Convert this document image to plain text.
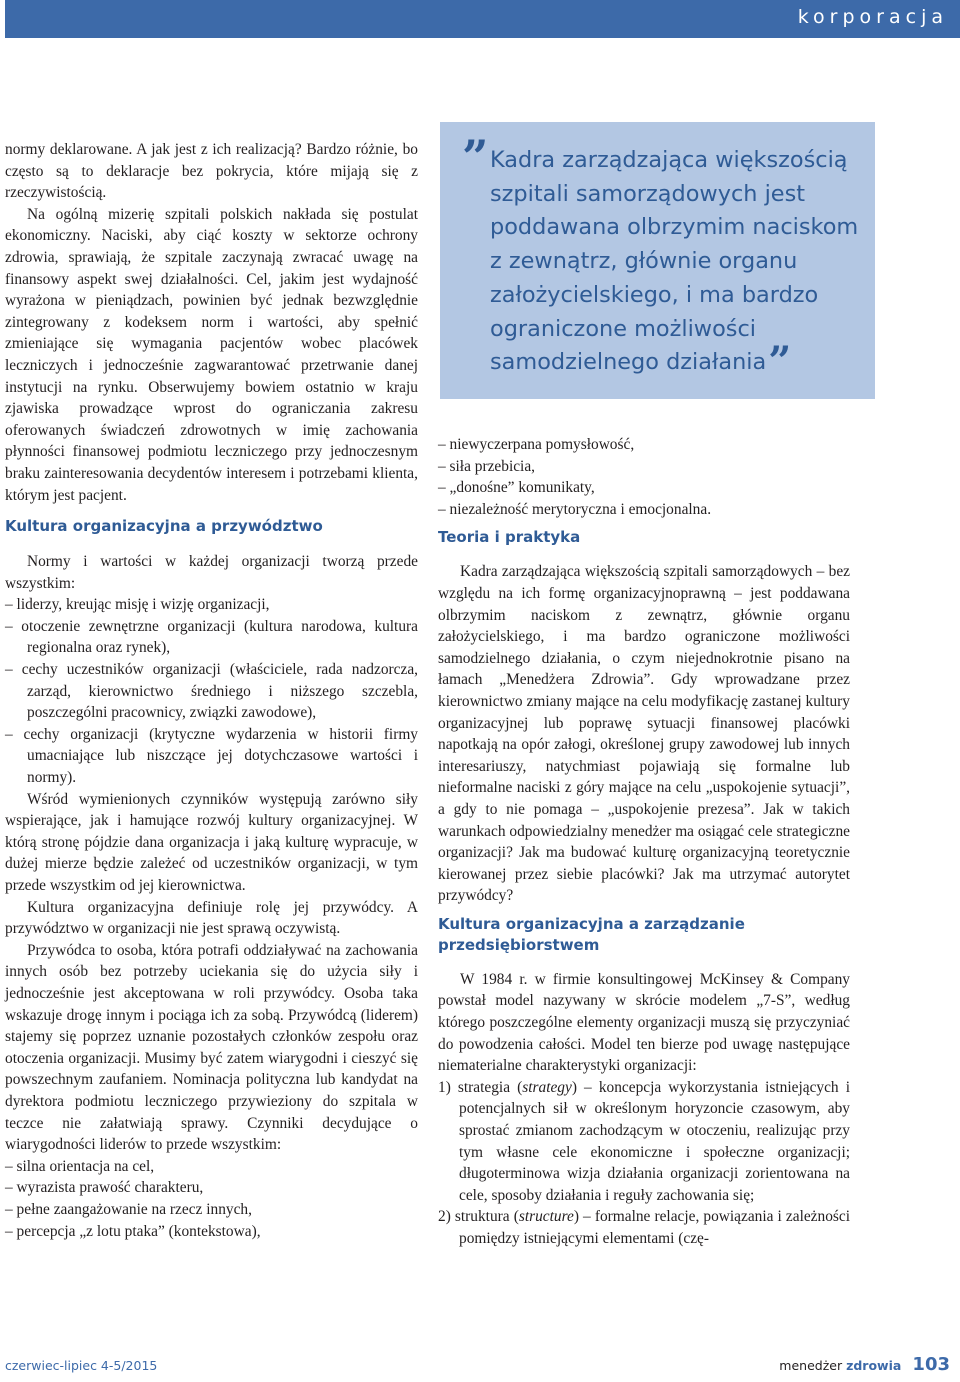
korporacja

normy deklarowane. A jak jest z ich realizacją? Bardzo różnie, bo często są to deklaracje bez pokrycia, które mijają się z rzeczywistością.

Na ogólną mizerię szpitali polskich nakłada się postulat ekonomiczny. Naciski, aby ciąć koszty w sektorze ochrony zdrowia, sprawiają, że szpitale zaczynają zwracać uwagę na finansowy aspekt swej działalności. Cel, jakim jest wydajność wyrażona w pieniądzach, powinien być jednak bezwzględnie zintegrowany z kodeksem norm i wartości, aby spełnić zmieniające się wymagania pacjentów wobec placówek leczniczych i jednocześnie zagwarantować przetrwanie danej instytucji na rynku. Obserwujemy bowiem ostatnio w kraju zjawiska prowadzące wprost do ograniczania zakresu oferowanych świadczeń zdrowotnych w imię zachowania płynności finansowej podmiotu leczniczego przy jednoczesnym braku zainteresowania decydentów interesem i potrzebami klienta, którym jest pacjent.

Kultura organizacyjna a przywództwo

Normy i wartości w każdej organizacji tworzą przede wszystkim:

– liderzy, kreując misję i wizję organizacji,
– otoczenie zewnętrzne organizacji (kultura narodowa, kultura regionalna oraz rynek),
– cechy uczestników organizacji (właściciele, rada nadzorcza, zarząd, kierownictwo średniego i niższego szczebla, poszczególni pracownicy, związki zawodowe),
– cechy organizacji (krytyczne wydarzenia w historii firmy umacniające lub niszczące jej dotychczasowe wartości i normy).

Wśród wymienionych czynników występują zarówno siły wspierające, jak i hamujące rozwój kultury organizacyjnej. W którą stronę pójdzie dana organizacja i jaką kulturę wypracuje, w dużej mierze będzie zależeć od uczestników organizacji, w tym przede wszystkim od jej kierownictwa.

Kultura organizacyjna definiuje rolę jej przywódcy. A przywództwo w organizacji nie jest sprawą oczywistą.

Przywódca to osoba, która potrafi oddziaływać na zachowania innych osób bez potrzeby uciekania się do użycia siły i jednocześnie jest akceptowana w roli przywódcy. Osoba taka wskazuje drogę innym i pociąga ich za sobą. Przywódcą (liderem) stajemy się poprzez uznanie pozostałych członków zespołu oraz otoczenia organizacji. Musimy być zatem wiarygodni i cieszyć się powszechnym zaufaniem. Nominacja polityczna lub kandydat na dyrektora podmiotu leczniczego przywieziony do szpitala w teczce nie załatwiają sprawy. Czynniki decydujące o wiarygodności liderów to przede wszystkim:

– silna orientacja na cel,
– wyrazista prawość charakteru,
– pełne zaangażowanie na rzecz innych,
– percepcja „z lotu ptaka” (kontekstowa),
” Kadra zarządzająca większością szpitali samorządowych jest poddawana olbrzymim naciskom z zewnątrz, głównie organu założycielskiego, i ma bardzo ograniczone możliwości samodzielnego działania”
– niewyczerpana pomysłowość,
– siła przebicia,
– „donośne” komunikaty,
– niezależność merytoryczna i emocjonalna.
Teoria i praktyka

Kadra zarządzająca większością szpitali samorządowych – bez względu na ich formę organizacyjnoprawną – jest poddawana olbrzymim naciskom z zewnątrz, głównie organu założycielskiego, i ma bardzo ograniczone możliwości samodzielnego działania, o czym niejednokrotnie pisano na łamach „Menedżera Zdrowia”. Gdy wprowadzane przez kierownictwo zmiany mające na celu modyfikację zastanej kultury organizacyjnej lub poprawę sytuacji finansowej placówki napotkają na opór załogi, określonej grupy zawodowej lub innych interesariuszy, natychmiast pojawiają się formalne lub nieformalne naciski z góry mające na celu „uspokojenie sytuacji”, a gdy to nie pomaga – „uspokojenie prezesa”. Jak w takich warunkach odpowiedzialny menedżer ma osiągać cele strategiczne organizacji? Jak ma budować kulturę organizacyjną teoretycznie kierowanej przez siebie placówki? Jak ma utrzymać autorytet przywódcy?

Kultura organizacyjna a zarządzanie przedsiębiorstwem

W 1984 r. w firmie konsultingowej McKinsey & Company powstał model nazywany w skrócie modelem „7-S”, według którego poszczególne elementy organizacji muszą się przyczyniać do powodzenia całości. Model ten bierze pod uwagę następujące niematerialne charakterystyki organizacji:

1) strategia (strategy) – koncepcja wykorzystania istniejących i potencjalnych sił w określonym horyzoncie czasowym, aby sprostać zmianom zachodzącym w otoczeniu, realizując przy tym własne cele ekonomiczne i społeczne organizacji; długoterminowa wizja działania organizacji zorientowana na cele, sposoby działania i reguły zachowania się;
2) struktura (structure) – formalne relacje, powiązania i zależności pomiędzy istniejącymi elementami (czę-
czerwiec-lipiec 4-5/2015	menedżer zdrowia 103
